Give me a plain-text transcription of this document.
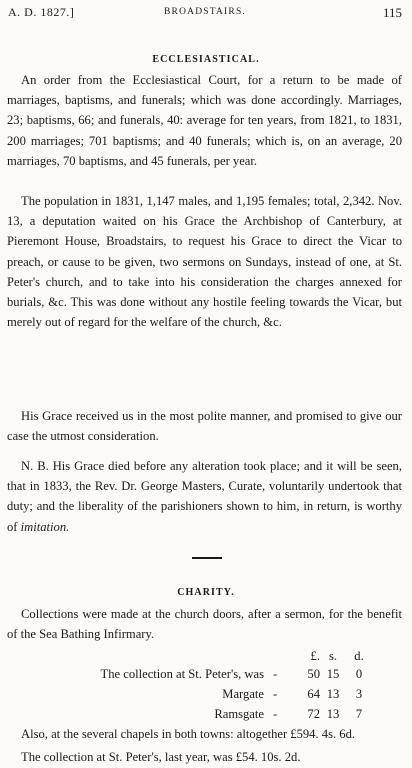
A. D. 1827.]	BROADSTAIRS.	115
ECCLESIASTICAL.

An order from the Ecclesiastical Court, for a return to be made of marriages, baptisms, and funerals; which was done accordingly. Marriages, 23; baptisms, 66; and funerals, 40: average for ten years, from 1821, to 1831, 200 marriages; 701 baptisms; and 40 funerals; which is, on an average, 20 marriages, 70 baptisms, and 45 funerals, per year.

The population in 1831, 1,147 males, and 1,195 females; total, 2,342. Nov. 13, a deputation waited on his Grace the Archbishop of Canterbury, at Pieremont House, Broadstairs, to request his Grace to direct the Vicar to preach, or cause to be given, two sermons on Sundays, instead of one, at St. Peter's church, and to take into his consideration the charges annexed for burials, &c. This was done without any hostile feeling towards the Vicar, but merely out of regard for the welfare of the church, &c.

His Grace received us in the most polite manner, and promised to give our case the utmost consideration.

N. B. His Grace died before any alteration took place; and it will be seen, that in 1833, the Rev. Dr. George Masters, Curate, voluntarily undertook that duty; and the liberality of the parishioners shown to him, in return, is worthy of imitation.

CHARITY.

Collections were made at the church doors, after a sermon, for the benefit of the Sea Bathing Infirmary.

£. s.	d.
The collection at St. Peter's, was - 50 15	0
Margate - 64 13	3
Ramsgate - 72 13	7

Also, at the several chapels in both towns: altogether £594. 4s. 6d.

The collection at St. Peter's, last year, was £54. 10s. 2d.
